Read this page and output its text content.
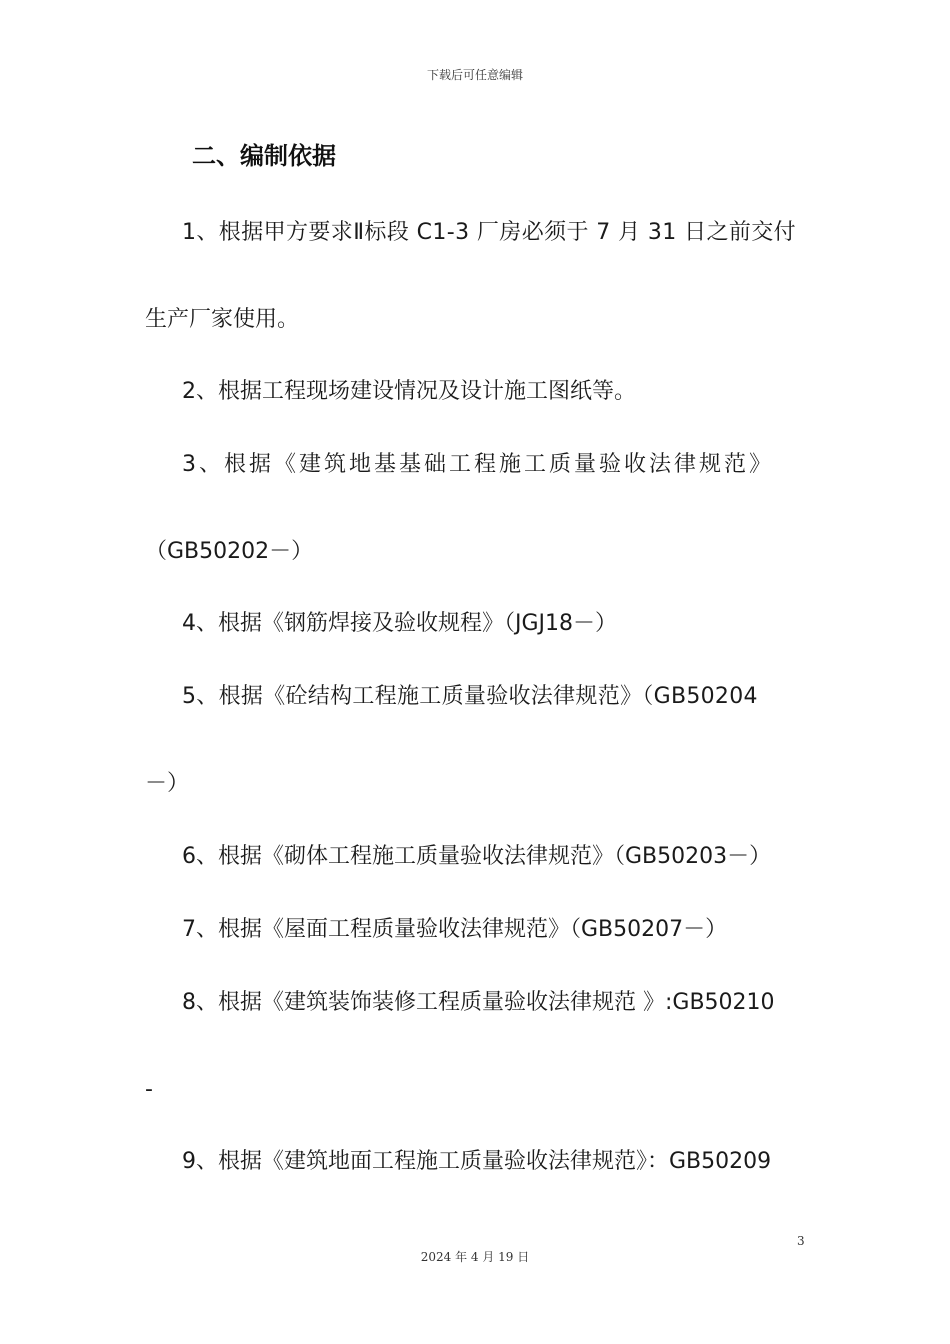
下载后可任意编辑
二、编制依据
1、根据甲方要求Ⅱ标段 C1-3 厂房必须于 7 月 31 日之前交付
生产厂家使用。
2、根据工程现场建设情况及设计施工图纸等。
3、根据《建筑地基基础工程施工质量验收法律规范》
（GB50202－）
4、根据《钢筋焊接及验收规程》（JGJ18－）
5、根据《砼结构工程施工质量验收法律规范》（GB50204
－）
6、根据《砌体工程施工质量验收法律规范》（GB50203－）
7、根据《屋面工程质量验收法律规范》（GB50207－）
8、根据《建筑装饰装修工程质量验收法律规范 》:GB50210
-
9、根据《建筑地面工程施工质量验收法律规范》：GB50209
3
2024 年 4 月 19 日
